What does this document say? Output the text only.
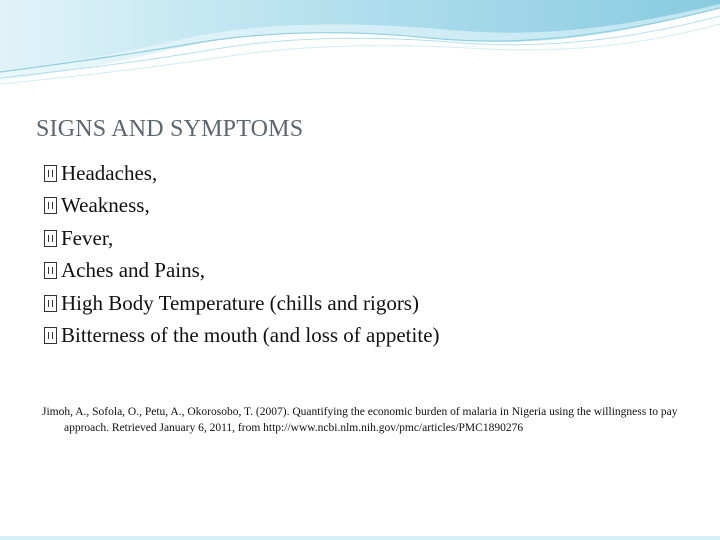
SIGNS AND SYMPTOMS
Headaches,
Weakness,
Fever,
Aches and Pains,
High Body Temperature (chills and rigors)
Bitterness of the mouth (and loss of appetite)
Jimoh, A., Sofola, O., Petu, A., Okorosobo, T. (2007). Quantifying the economic burden of malaria in Nigeria using the willingness to pay approach. Retrieved January 6, 2011, from http://www.ncbi.nlm.nih.gov/pmc/articles/PMC1890276
